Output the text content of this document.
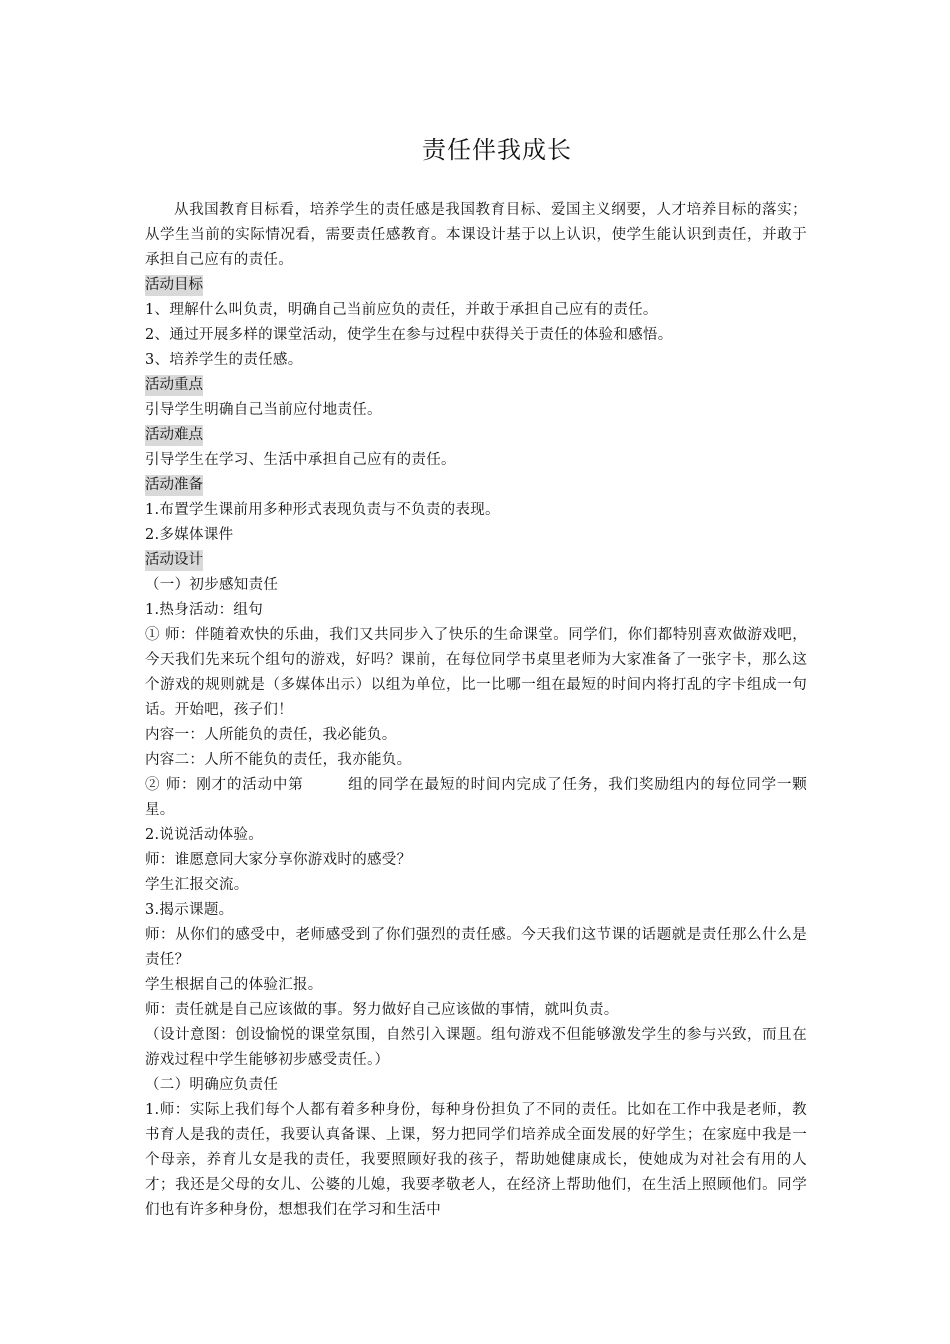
责任伴我成长

从我国教育目标看，培养学生的责任感是我国教育目标、爱国主义纲要，人才培养目标的落实；从学生当前的实际情况看，需要责任感教育。本课设计基于以上认识，使学生能认识到责任，并敢于承担自己应有的责任。

活动目标

1、理解什么叫负责，明确自己当前应负的责任，并敢于承担自己应有的责任。

2、通过开展多样的课堂活动，使学生在参与过程中获得关于责任的体验和感悟。

3、培养学生的责任感。

活动重点

引导学生明确自己当前应付地责任。

活动难点

引导学生在学习、生活中承担自己应有的责任。

活动准备

1.布置学生课前用多种形式表现负责与不负责的表现。

2.多媒体课件

活动设计

（一）初步感知责任

1.热身活动：组句

① 师：伴随着欢快的乐曲，我们又共同步入了快乐的生命课堂。同学们，你们都特别喜欢做游戏吧，今天我们先来玩个组句的游戏，好吗？课前，在每位同学书桌里老师为大家准备了一张字卡，那么这个游戏的规则就是（多媒体出示）以组为单位，比一比哪一组在最短的时间内将打乱的字卡组成一句话。开始吧，孩子们！

内容一：人所能负的责任，我必能负。

内容二：人所不能负的责任，我亦能负。

② 师：刚才的活动中第	组的同学在最短的时间内完成了任务，我们奖励组内的每位同学一颗星。

2.说说活动体验。

师：谁愿意同大家分享你游戏时的感受？

学生汇报交流。

3.揭示课题。

师：从你们的感受中，老师感受到了你们强烈的责任感。今天我们这节课的话题就是责任那么什么是责任？

学生根据自己的体验汇报。

师：责任就是自己应该做的事。努力做好自己应该做的事情，就叫负责。

（设计意图：创设愉悦的课堂氛围，自然引入课题。组句游戏不但能够激发学生的参与兴致，而且在游戏过程中学生能够初步感受责任。）

（二）明确应负责任

1.师：实际上我们每个人都有着多种身份，每种身份担负了不同的责任。比如在工作中我是老师，教书育人是我的责任，我要认真备课、上课，努力把同学们培养成全面发展的好学生；在家庭中我是一个母亲，养育儿女是我的责任，我要照顾好我的孩子，帮助她健康成长，使她成为对社会有用的人才；我还是父母的女儿、公婆的儿媳，我要孝敬老人，在经济上帮助他们，在生活上照顾他们。同学们也有许多种身份，想想我们在学习和生活中
